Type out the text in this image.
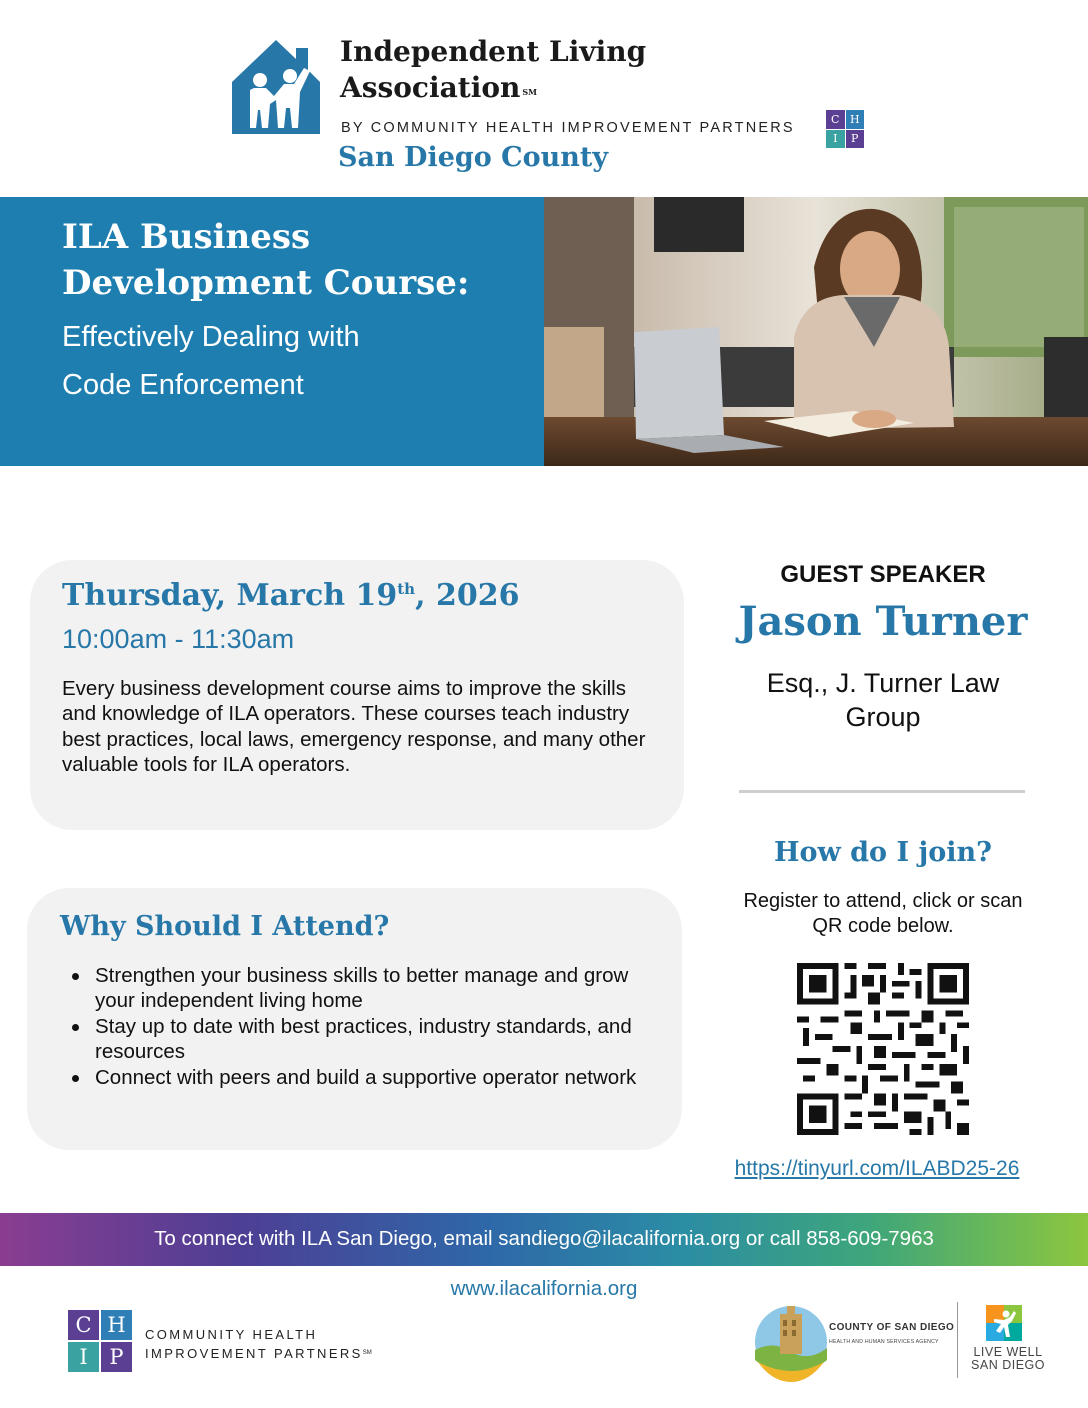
Independent Living
Association ℠
BY COMMUNITY HEALTH IMPROVEMENT PARTNERS
C H
I	P
San Diego County
ILA Business
Development Course:
Effectively Dealing with
Code Enforcement
Thursday, March 19th, 2026
10:00am - 11:30am
Every business development course aims to improve the skills and knowledge of ILA operators. These courses teach industry best practices, local laws, emergency response, and many other valuable tools for ILA operators.
Why Should I Attend?
Strengthen your business skills to better manage and grow your independent living home
Stay up to date with best practices, industry standards, and resources
Connect with peers and build a supportive operator network
GUEST SPEAKER
Jason Turner
Esq., J. Turner Law
Group
How do I join?
Register to attend, click or scan
QR code below.
https://tinyurl.com/ILABD25-26
To connect with ILA San Diego, email sandiego@ilacalifornia.org or call 858-609-7963
www.ilacalifornia.org
C H
I	P
COMMUNITY HEALTH
IMPROVEMENT PARTNERS℠
COUNTY OF SAN DIEGO
HEALTH AND HUMAN SERVICES AGENCY
LIVE WELL
SAN DIEGO
